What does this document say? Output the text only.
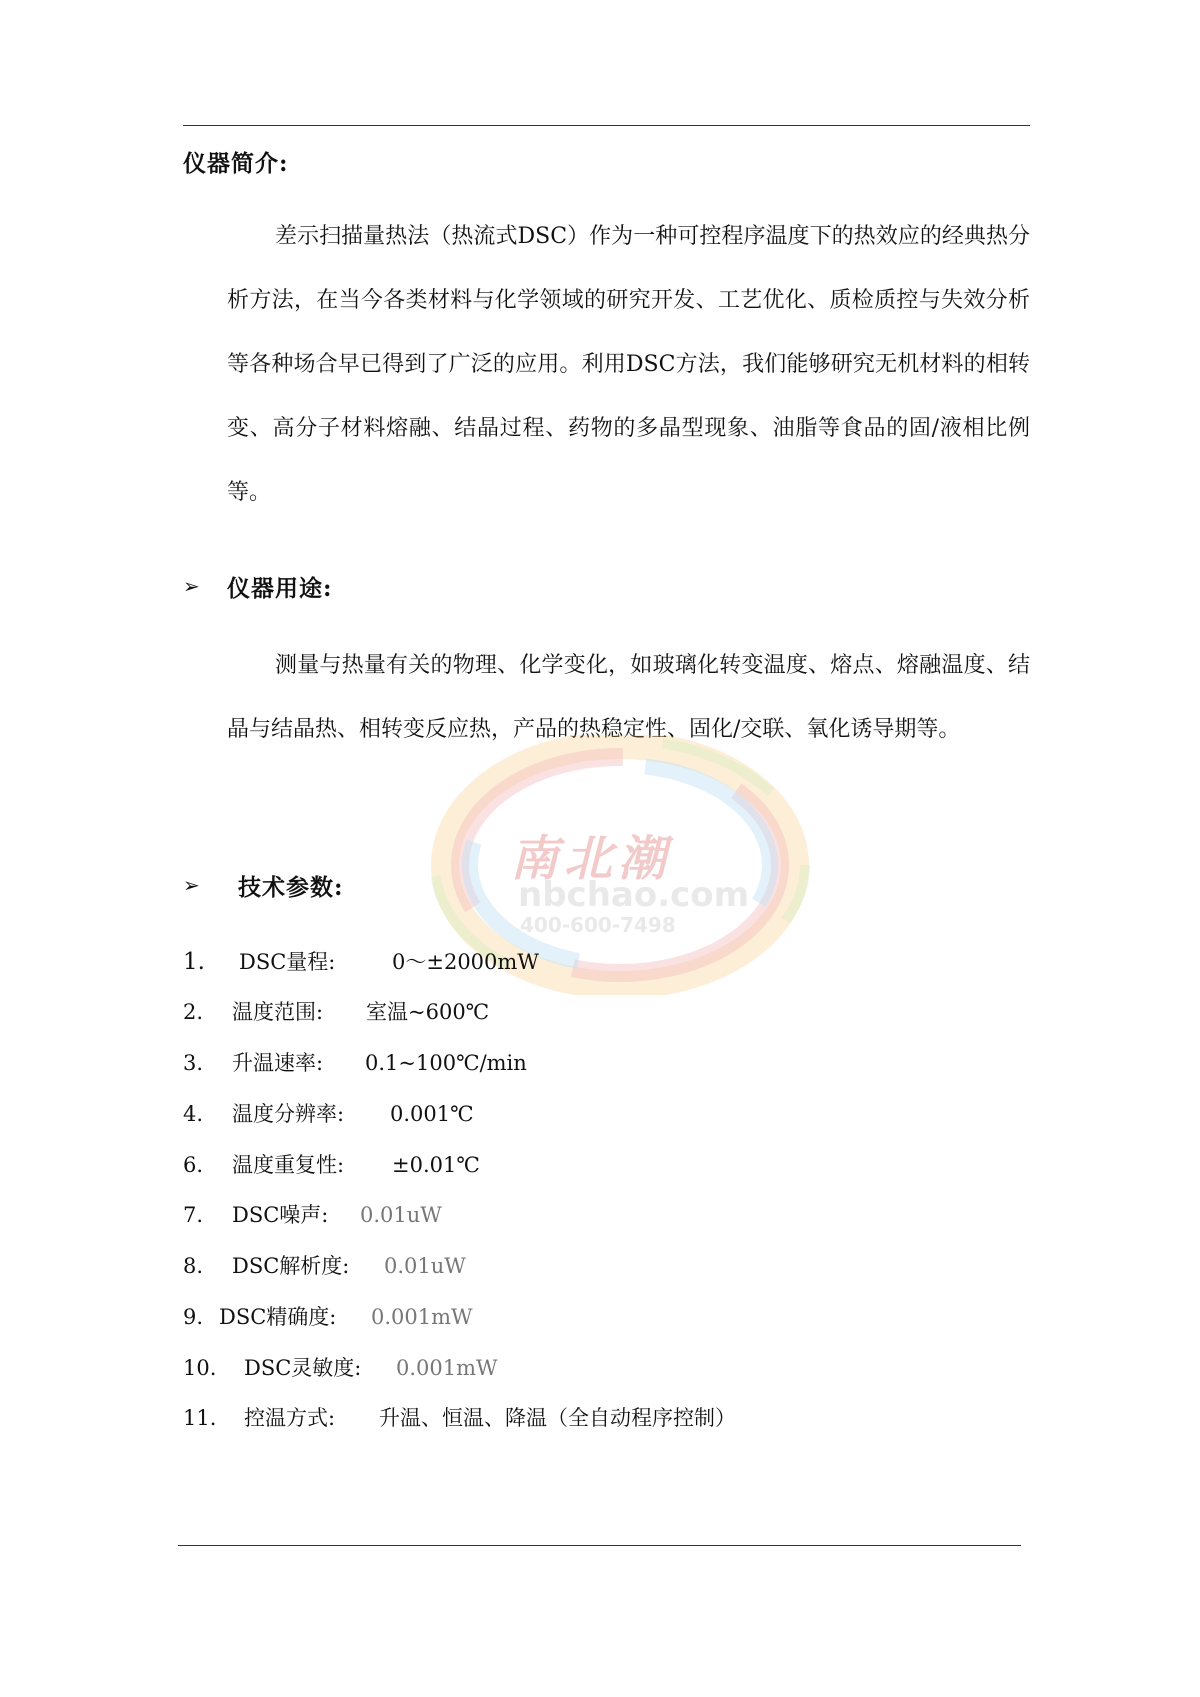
仪器简介:

差示扫描量热法（热流式DSC）作为一种可控程序温度下的热效应的经典热分析方法，在当今各类材料与化学领域的研究开发、工艺优化、质检质控与失效分析等各种场合早已得到了广泛的应用。利用DSC方法，我们能够研究无机材料的相转变、高分子材料熔融、结晶过程、药物的多晶型现象、油脂等食品的固/液相比例等。

➢ 仪器用途:

测量与热量有关的物理、化学变化，如玻璃化转变温度、熔点、熔融温度、结晶与结晶热、相转变反应热，产品的热稳定性、固化/交联、氧化诱导期等。

南北潮
nbchao.com
400-600-7498
➢ 技术参数:
1. DSC量程:	0～±2000mW
2. 温度范围: 室温~600℃
3. 升温速率: 0.1~100℃/min
4. 温度分辨率: 0.001℃
6. 温度重复性: ±0.01℃
7. DSC噪声: 0.01uW
8. DSC解析度: 0.01uW
9. DSC精确度: 0.001mW
10. DSC灵敏度: 0.001mW
11. 控温方式: 升温、恒温、降温（全自动程序控制）
